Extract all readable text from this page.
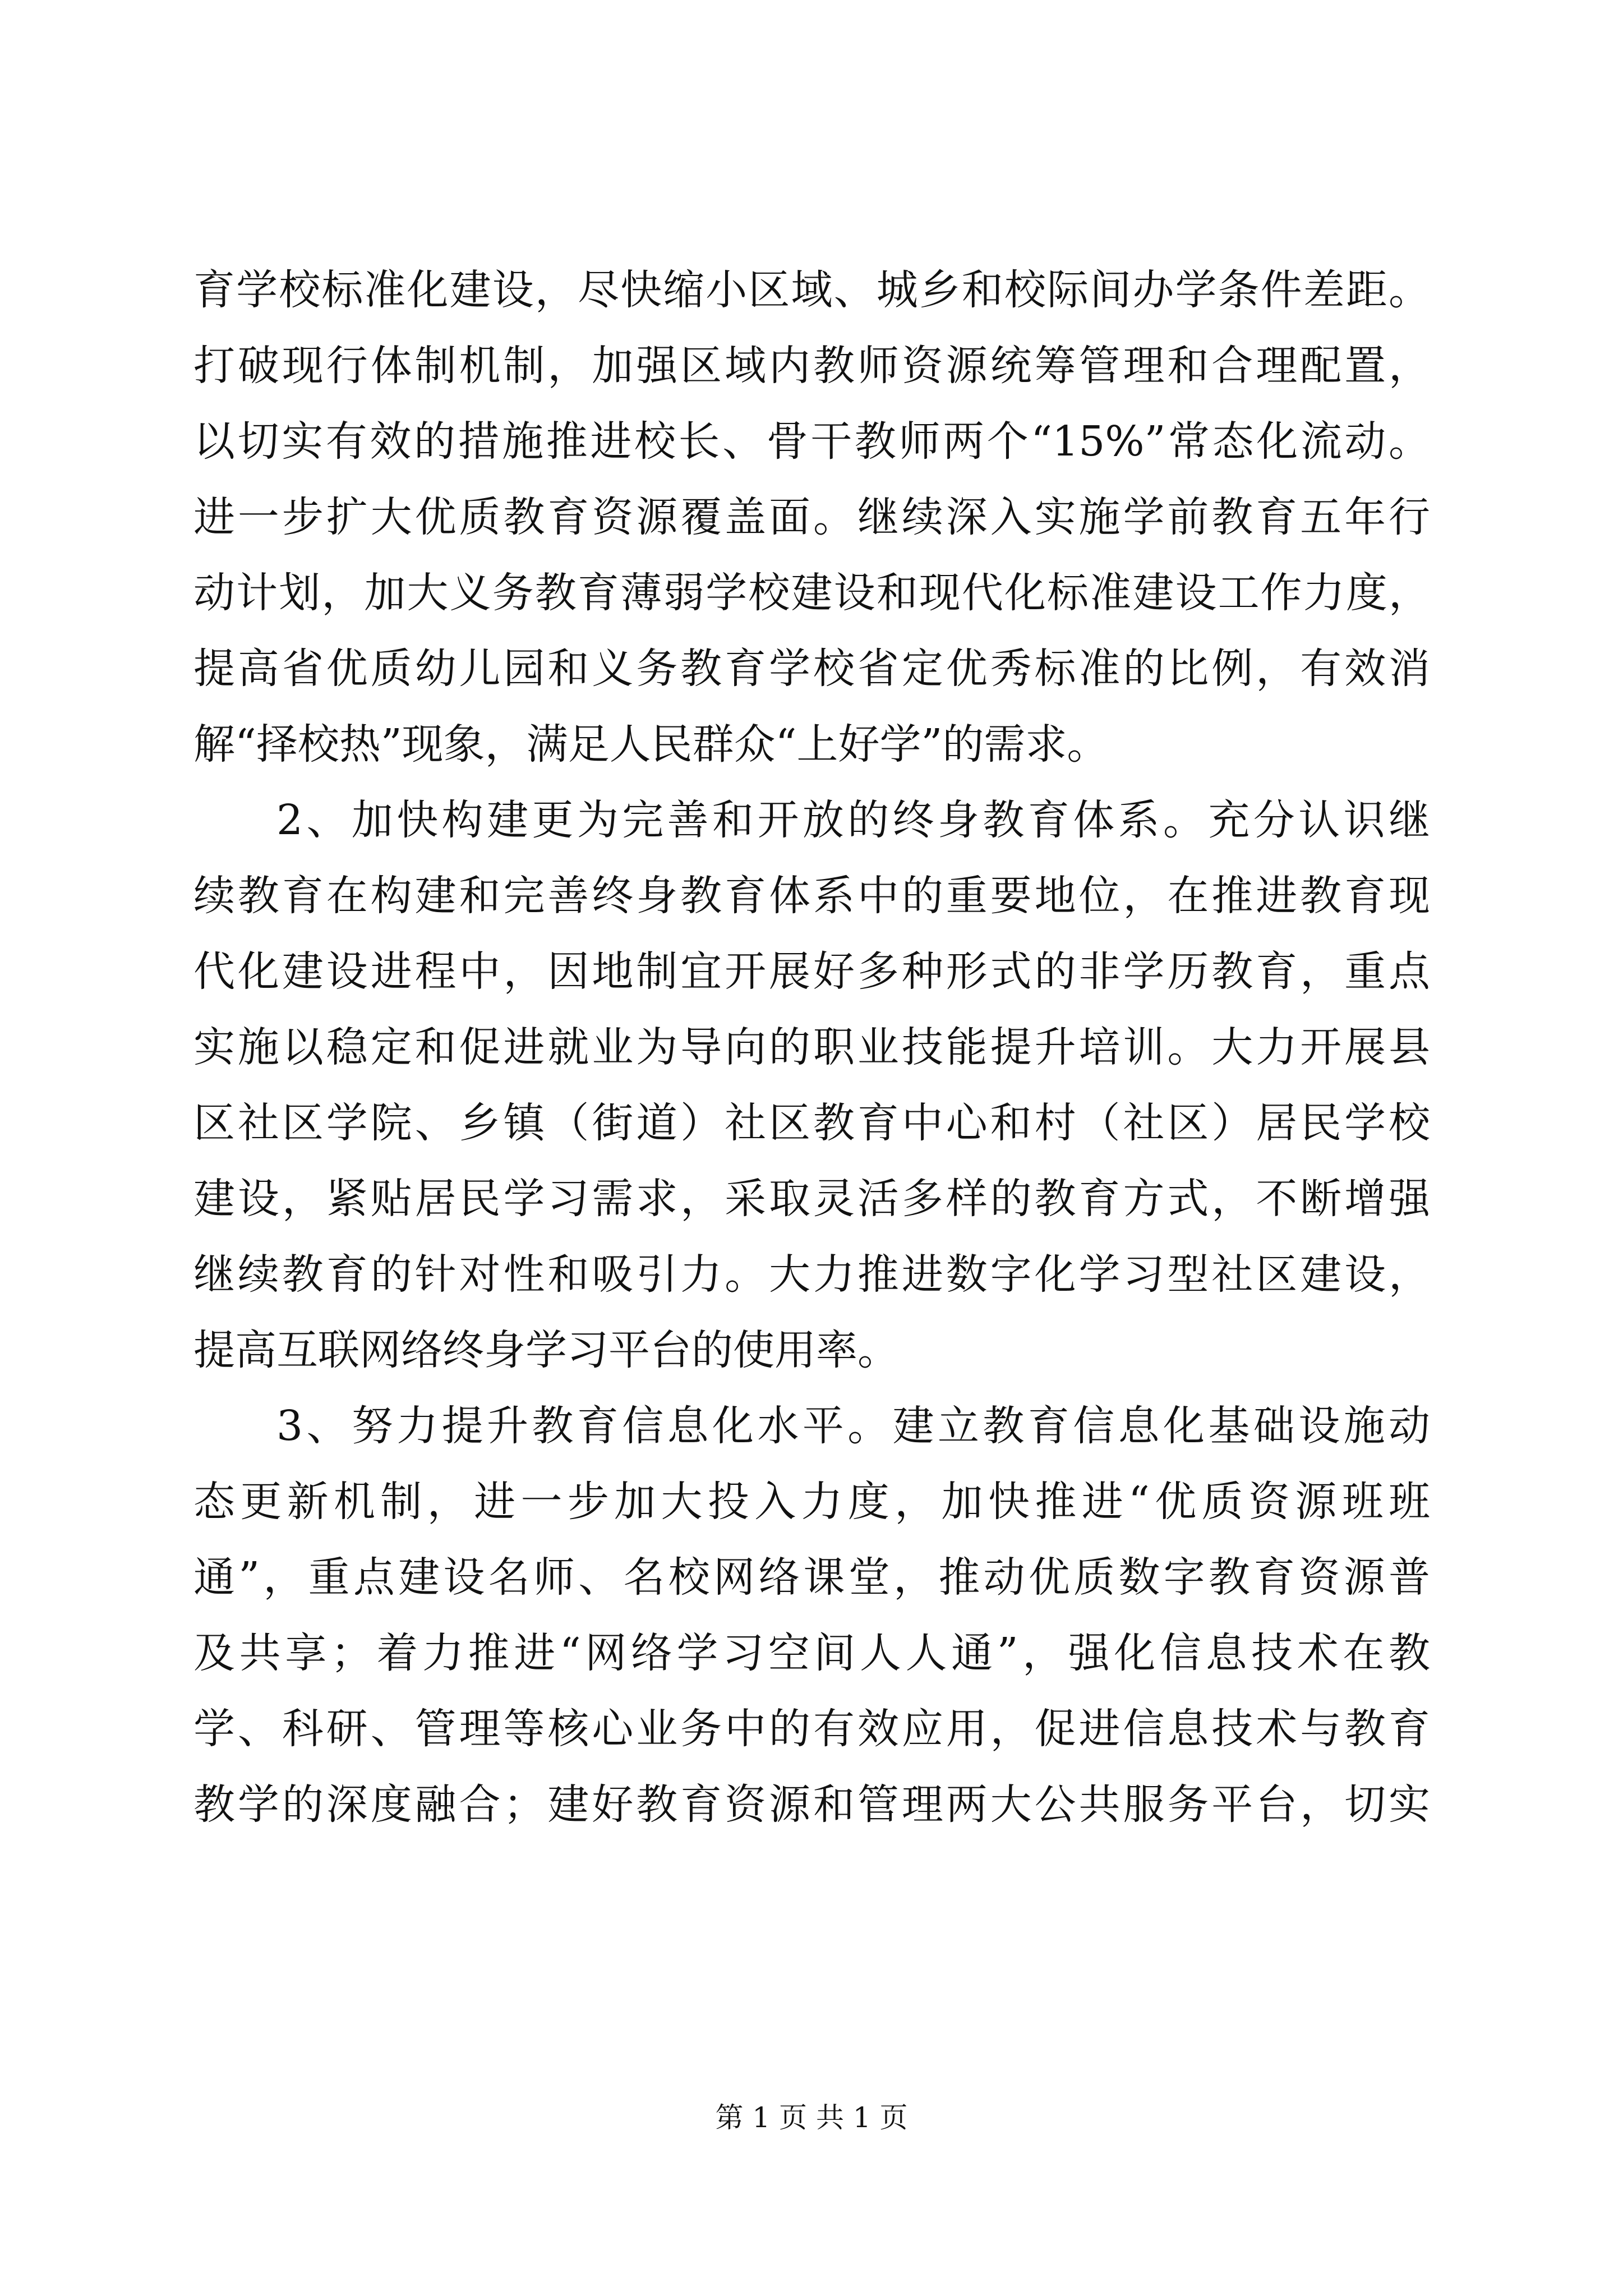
育学校标准化建设，尽快缩小区域、城乡和校际间办学条件差距。
打破现行体制机制，加强区域内教师资源统筹管理和合理配置，
以切实有效的措施推进校长、骨干教师两个“15%”常态化流动。
进一步扩大优质教育资源覆盖面。继续深入实施学前教育五年行
动计划，加大义务教育薄弱学校建设和现代化标准建设工作力度，
提高省优质幼儿园和义务教育学校省定优秀标准的比例，有效消
解“择校热”现象，满足人民群众“上好学”的需求。
2、加快构建更为完善和开放的终身教育体系。充分认识继
续教育在构建和完善终身教育体系中的重要地位，在推进教育现
代化建设进程中，因地制宜开展好多种形式的非学历教育，重点
实施以稳定和促进就业为导向的职业技能提升培训。大力开展县
区社区学院、乡镇（街道）社区教育中心和村（社区）居民学校
建设，紧贴居民学习需求，采取灵活多样的教育方式，不断增强
继续教育的针对性和吸引力。大力推进数字化学习型社区建设，
提高互联网络终身学习平台的使用率。
3、努力提升教育信息化水平。建立教育信息化基础设施动
态更新机制，进一步加大投入力度，加快推进“优质资源班班
通”，重点建设名师、名校网络课堂，推动优质数字教育资源普
及共享；着力推进“网络学习空间人人通”，强化信息技术在教
学、科研、管理等核心业务中的有效应用，促进信息技术与教育
教学的深度融合；建好教育资源和管理两大公共服务平台，切实
第 1 页 共 1 页
